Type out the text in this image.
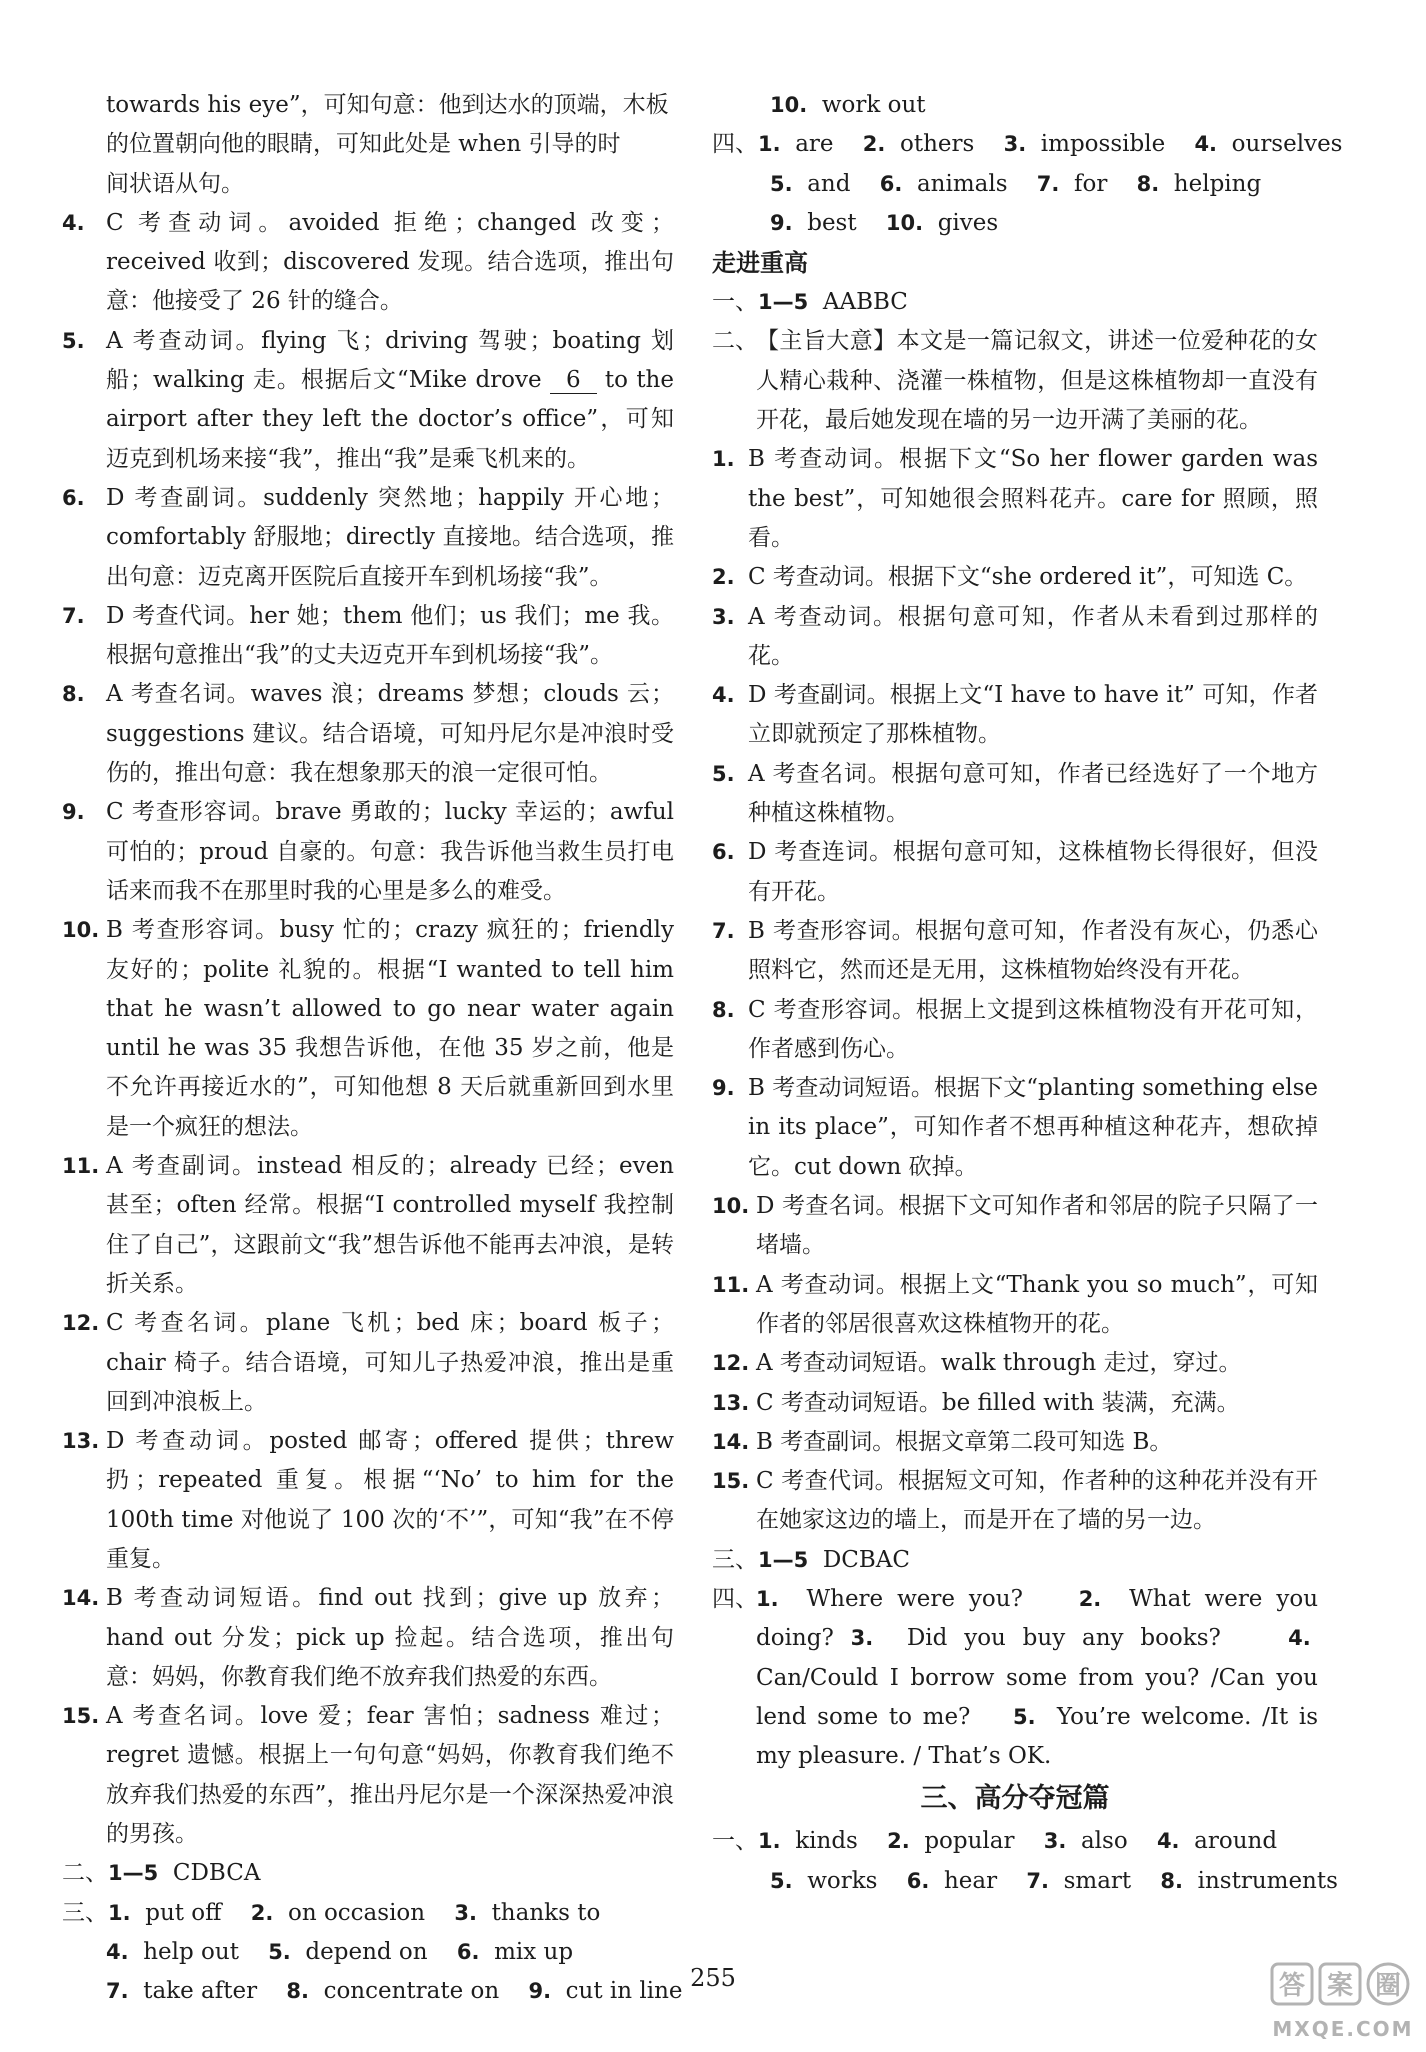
towards his eye”，可知句意：他到达水的顶端，木板
的位置朝向他的眼睛，可知此处是 when 引导的时
间状语从句。
4. C 考查动词。avoided 拒绝；changed 改变；received 收到；discovered 发现。结合选项，推出句意：他接受了 26 针的缝合。
5. A 考查动词。flying 飞；driving 驾驶；boating 划船；walking 走。根据后文“Mike drove 6 to the airport after they left the doctor’s office”，可知迈克到机场来接“我”，推出“我”是乘飞机来的。
6. D 考查副词。suddenly 突然地；happily 开心地；comfortably 舒服地；directly 直接地。结合选项，推出句意：迈克离开医院后直接开车到机场接“我”。
7. D 考查代词。her 她；them 他们；us 我们；me 我。根据句意推出“我”的丈夫迈克开车到机场接“我”。
8. A 考查名词。waves 浪；dreams 梦想；clouds 云；suggestions 建议。结合语境，可知丹尼尔是冲浪时受伤的，推出句意：我在想象那天的浪一定很可怕。
9. C 考查形容词。brave 勇敢的；lucky 幸运的；awful 可怕的；proud 自豪的。句意：我告诉他当救生员打电话来而我不在那里时我的心里是多么的难受。
10. B 考查形容词。busy 忙的；crazy 疯狂的；friendly 友好的；polite 礼貌的。根据“I wanted to tell him that he wasn’t allowed to go near water again until he was 35 我想告诉他，在他 35 岁之前，他是不允许再接近水的”，可知他想 8 天后就重新回到水里是一个疯狂的想法。
11. A 考查副词。instead 相反的；already 已经；even 甚至；often 经常。根据“I controlled myself 我控制住了自己”，这跟前文“我”想告诉他不能再去冲浪，是转折关系。
12. C 考查名词。plane 飞机；bed 床；board 板子；chair 椅子。结合语境，可知儿子热爱冲浪，推出是重回到冲浪板上。
13. D 考查动词。posted 邮寄；offered 提供；threw 扔；repeated 重复。根据“‘No’ to him for the 100th time 对他说了 100 次的‘不’”，可知“我”在不停重复。
14. B 考查动词短语。find out 找到；give up 放弃；hand out 分发；pick up 捡起。结合选项，推出句意：妈妈，你教育我们绝不放弃我们热爱的东西。
15. A 考查名词。love 爱；fear 害怕；sadness 难过；regret 遗憾。根据上一句句意“妈妈，你教育我们绝不放弃我们热爱的东西”，推出丹尼尔是一个深深热爱冲浪的男孩。
二、1—5 CDBCA
三、1. put off 2. on occasion 3. thanks to
4. help out 5. depend on 6. mix up
7. take after 8. concentrate on 9. cut in line
10. work out
四、1. are 2. others 3. impossible 4. ourselves
5. and 6. animals 7. for 8. helping
9. best 10. gives
走进重高
一、1—5 AABBC
二、
【主旨大意】本文是一篇记叙文，讲述一位爱种花的女人精心栽种、浇灌一株植物，但是这株植物却一直没有开花，最后她发现在墙的另一边开满了美丽的花。
1. B 考查动词。根据下文“So her flower garden was the best”，可知她很会照料花卉。care for 照顾，照看。
2. C 考查动词。根据下文“she ordered it”，可知选 C。
3. A 考查动词。根据句意可知，作者从未看到过那样的花。
4. D 考查副词。根据上文“I have to have it” 可知，作者立即就预定了那株植物。
5. A 考查名词。根据句意可知，作者已经选好了一个地方种植这株植物。
6. D 考查连词。根据句意可知，这株植物长得很好，但没有开花。
7. B 考查形容词。根据句意可知，作者没有灰心，仍悉心照料它，然而还是无用，这株植物始终没有开花。
8. C 考查形容词。根据上文提到这株植物没有开花可知，作者感到伤心。
9. B 考查动词短语。根据下文“planting something else in its place”，可知作者不想再种植这种花卉，想砍掉它。cut down 砍掉。
10. D 考查名词。根据下文可知作者和邻居的院子只隔了一堵墙。
11. A 考查动词。根据上文“Thank you so much”，可知作者的邻居很喜欢这株植物开的花。
12. A 考查动词短语。walk through 走过，穿过。
13. C 考查动词短语。be filled with 装满，充满。
14. B 考查副词。根据文章第二段可知选 B。
15. C 考查代词。根据短文可知，作者种的这种花并没有开在她家这边的墙上，而是开在了墙的另一边。
三、1—5 DCBAC
四、
1. Where were you?	2. What were you doing? 3. Did you buy any books?	4.  Can/Could I borrow some from you? /Can you lend some to me? 5. You’re welcome. /It is my pleasure. / That’s OK.
三、高分夺冠篇
一、1. kinds 2. popular 3. also 4. around
5. works 6. hear 7. smart 8. instruments
255	答 案 圈
MXQE.COM
